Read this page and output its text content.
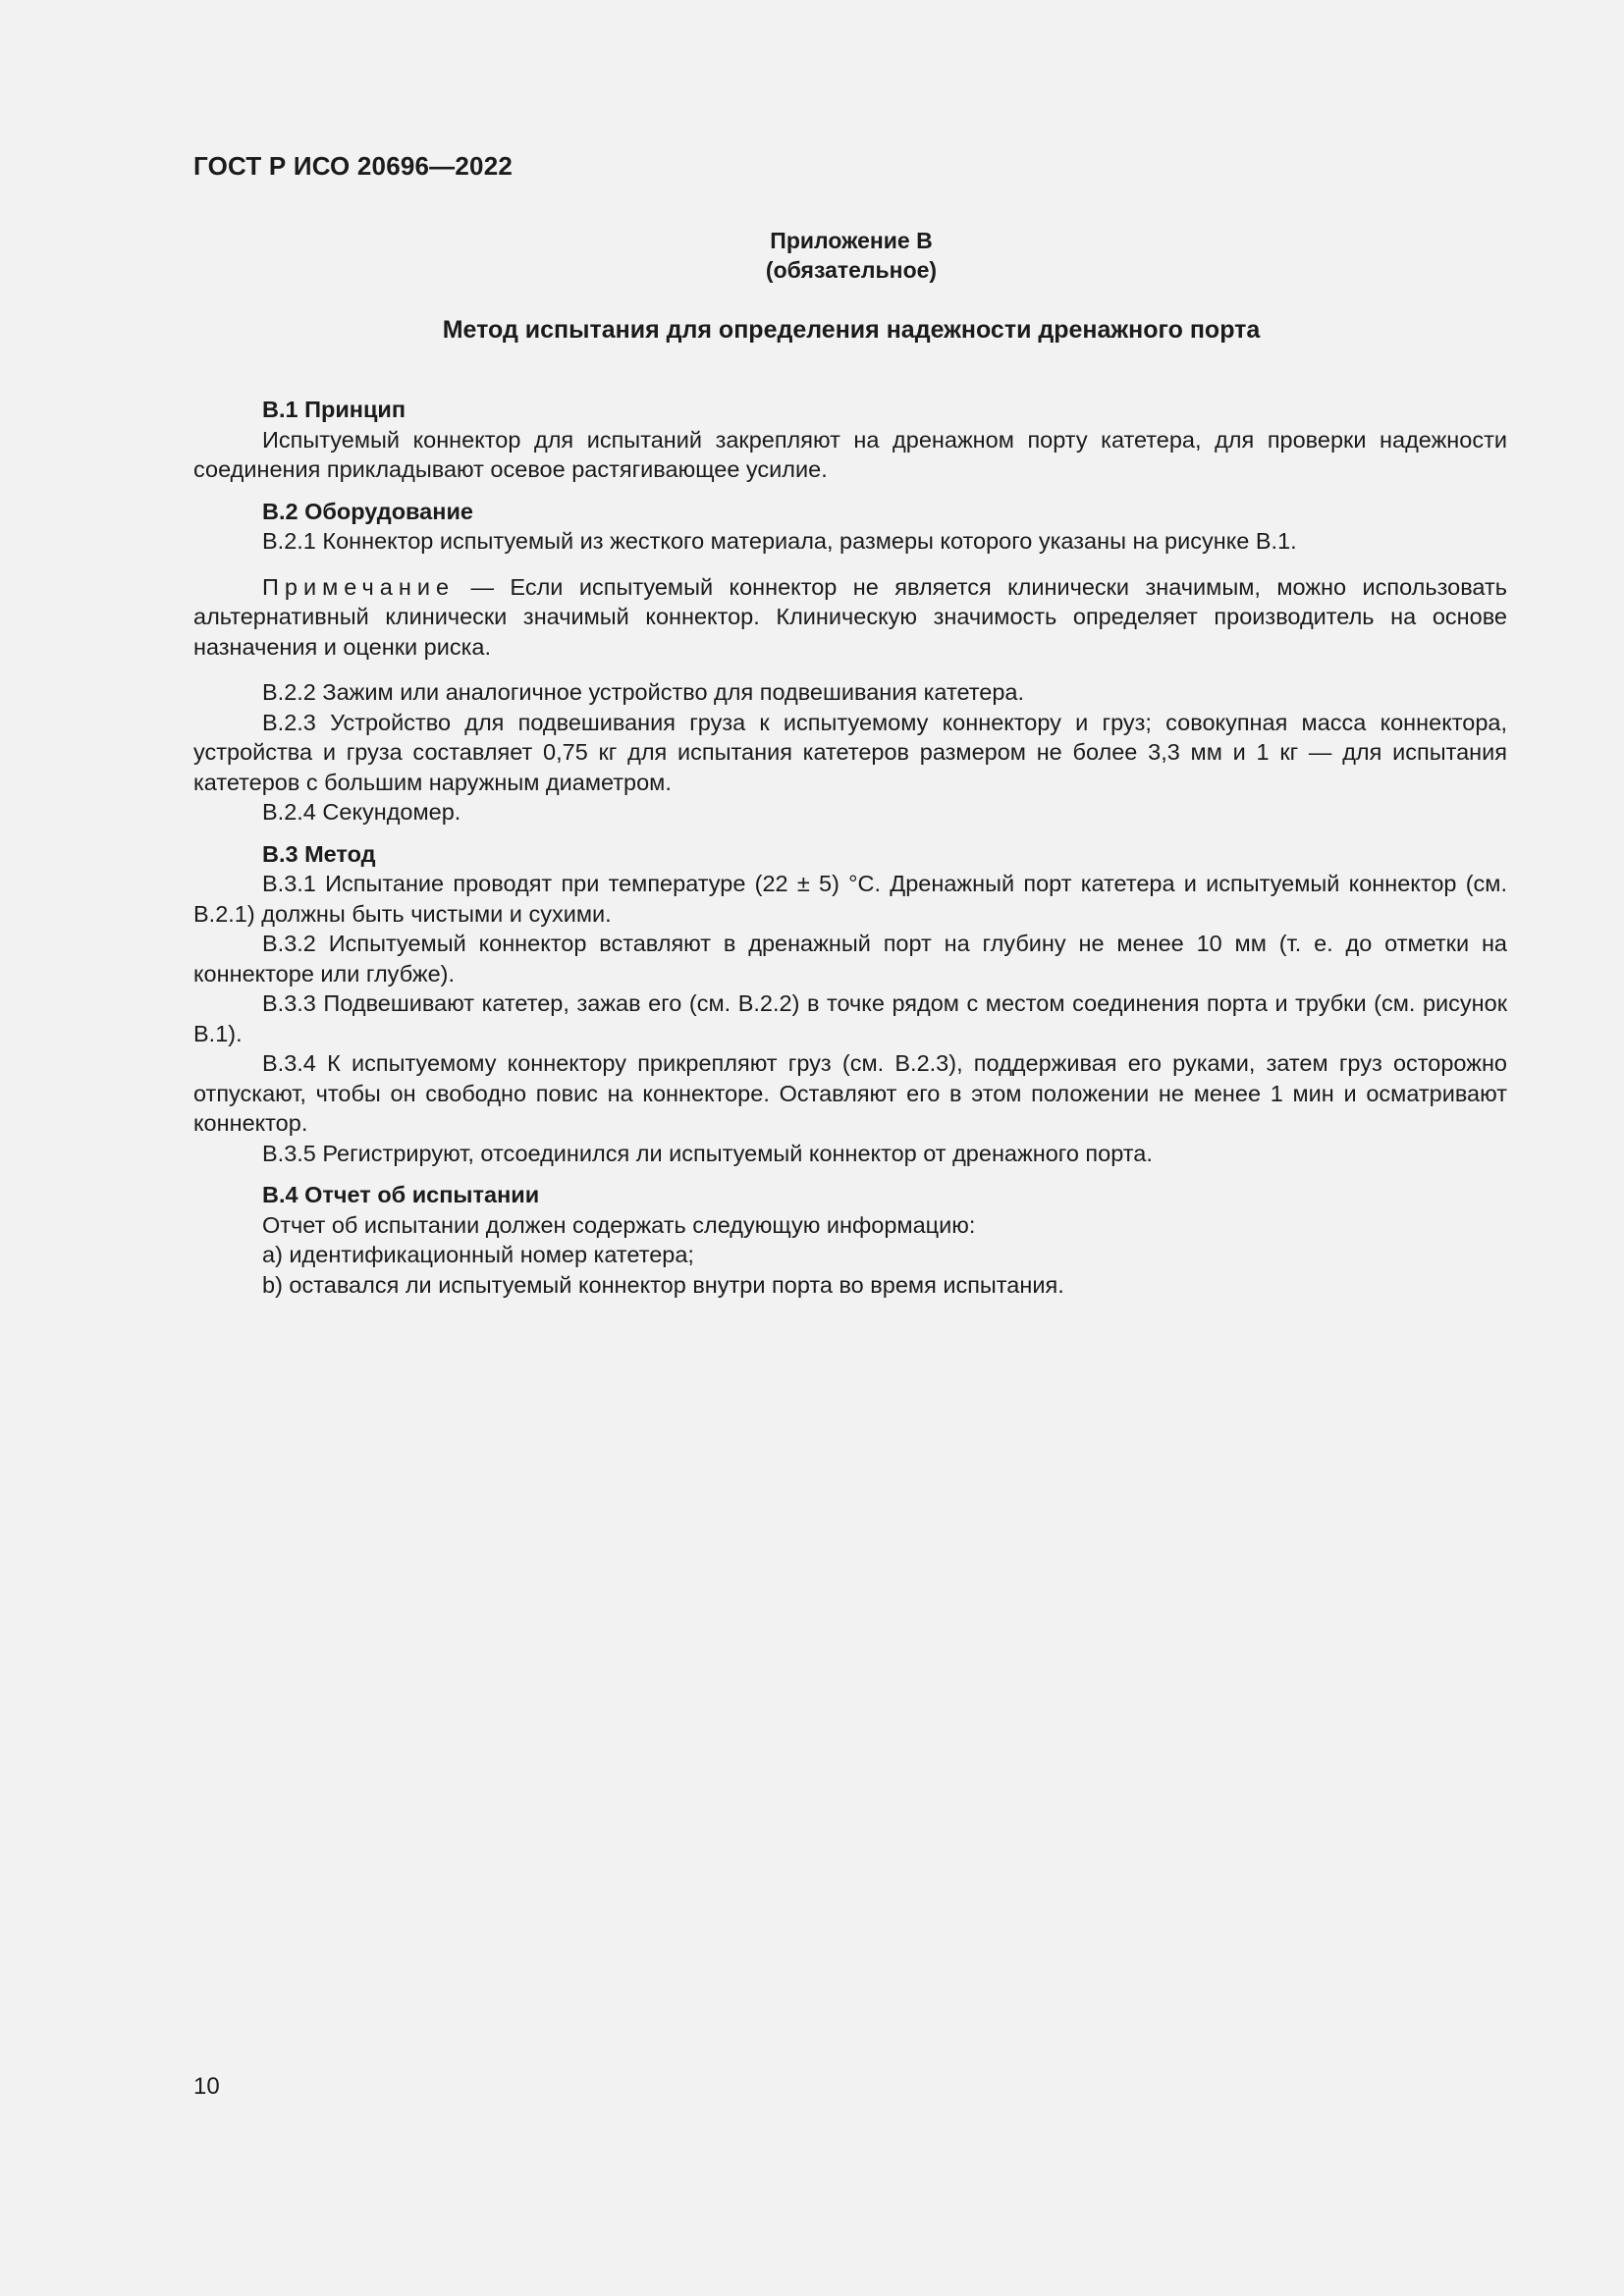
ГОСТ Р ИСО 20696—2022
Приложение В
(обязательное)
Метод испытания для определения надежности дренажного порта
В.1 Принцип

Испытуемый коннектор для испытаний закрепляют на дренажном порту катетера, для проверки надежности соединения прикладывают осевое растягивающее усилие.

В.2 Оборудование

В.2.1 Коннектор испытуемый из жесткого материала, размеры которого указаны на рисунке В.1.

Примечание — Если испытуемый коннектор не является клинически значимым, можно использовать альтернативный клинически значимый коннектор. Клиническую значимость определяет производитель на основе назначения и оценки риска.

В.2.2 Зажим или аналогичное устройство для подвешивания катетера.

В.2.3 Устройство для подвешивания груза к испытуемому коннектору и груз; совокупная масса коннектора, устройства и груза составляет 0,75 кг для испытания катетеров размером не более 3,3 мм и 1 кг — для испытания катетеров с большим наружным диаметром.

В.2.4 Секундомер.

В.3 Метод

В.3.1 Испытание проводят при температуре (22 ± 5) °С. Дренажный порт катетера и испытуемый коннектор (см. В.2.1) должны быть чистыми и сухими.

В.3.2 Испытуемый коннектор вставляют в дренажный порт на глубину не менее 10 мм (т. е. до отметки на коннекторе или глубже).

В.3.3 Подвешивают катетер, зажав его (см. В.2.2) в точке рядом с местом соединения порта и трубки (см. рисунок В.1).

В.3.4 К испытуемому коннектору прикрепляют груз (см. В.2.3), поддерживая его руками, затем груз осторожно отпускают, чтобы он свободно повис на коннекторе. Оставляют его в этом положении не менее 1 мин и осматривают коннектор.

В.3.5 Регистрируют, отсоединился ли испытуемый коннектор от дренажного порта.

В.4 Отчет об испытании

Отчет об испытании должен содержать следующую информацию:

a) идентификационный номер катетера;

b) оставался ли испытуемый коннектор внутри порта во время испытания.

10
